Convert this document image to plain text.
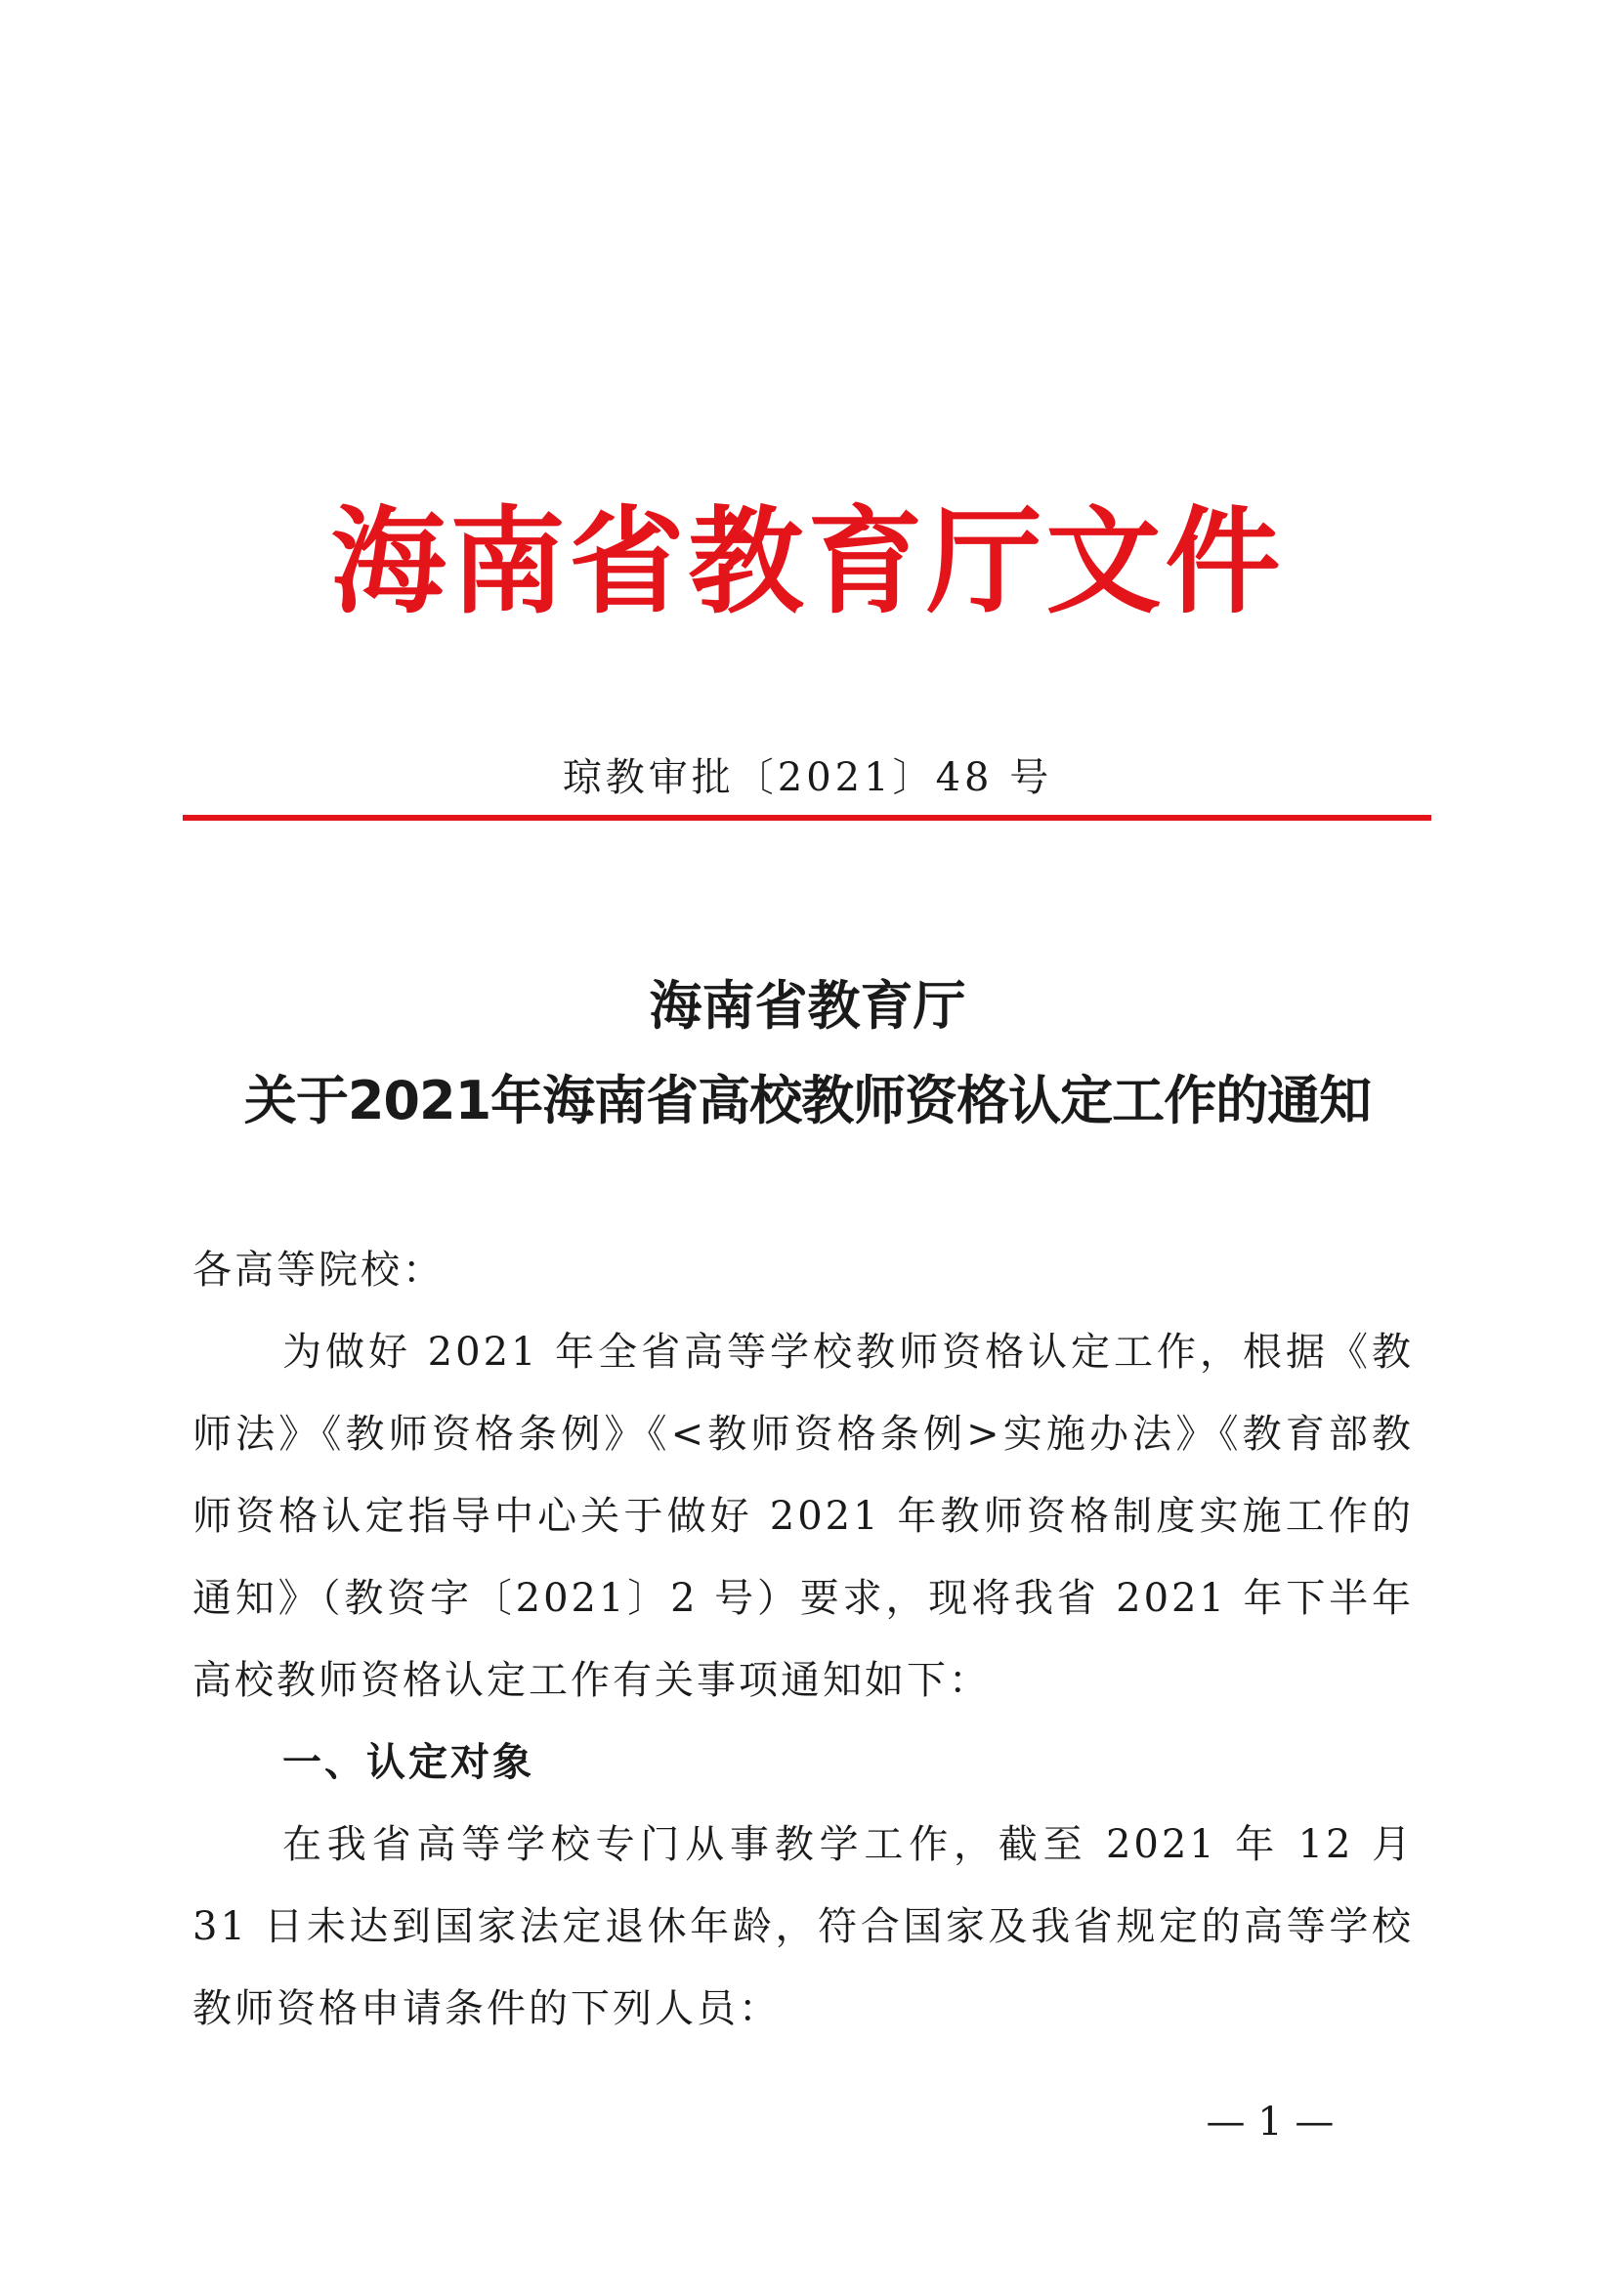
海南省教育厅文件
琼教审批〔2021〕48 号
海南省教育厅
关于2021年海南省高校教师资格认定工作的通知
各高等院校：
为做好 2021 年全省高等学校教师资格认定工作，根据《教师法》《教师资格条例》《<教师资格条例>实施办法》《教育部教师资格认定指导中心关于做好 2021 年教师资格制度实施工作的通知》（教资字〔2021〕2 号）要求，现将我省 2021 年下半年高校教师资格认定工作有关事项通知如下：
一、认定对象
在我省高等学校专门从事教学工作，截至 2021 年 12 月 31 日未达到国家法定退休年龄，符合国家及我省规定的高等学校教师资格申请条件的下列人员：
— 1 —
